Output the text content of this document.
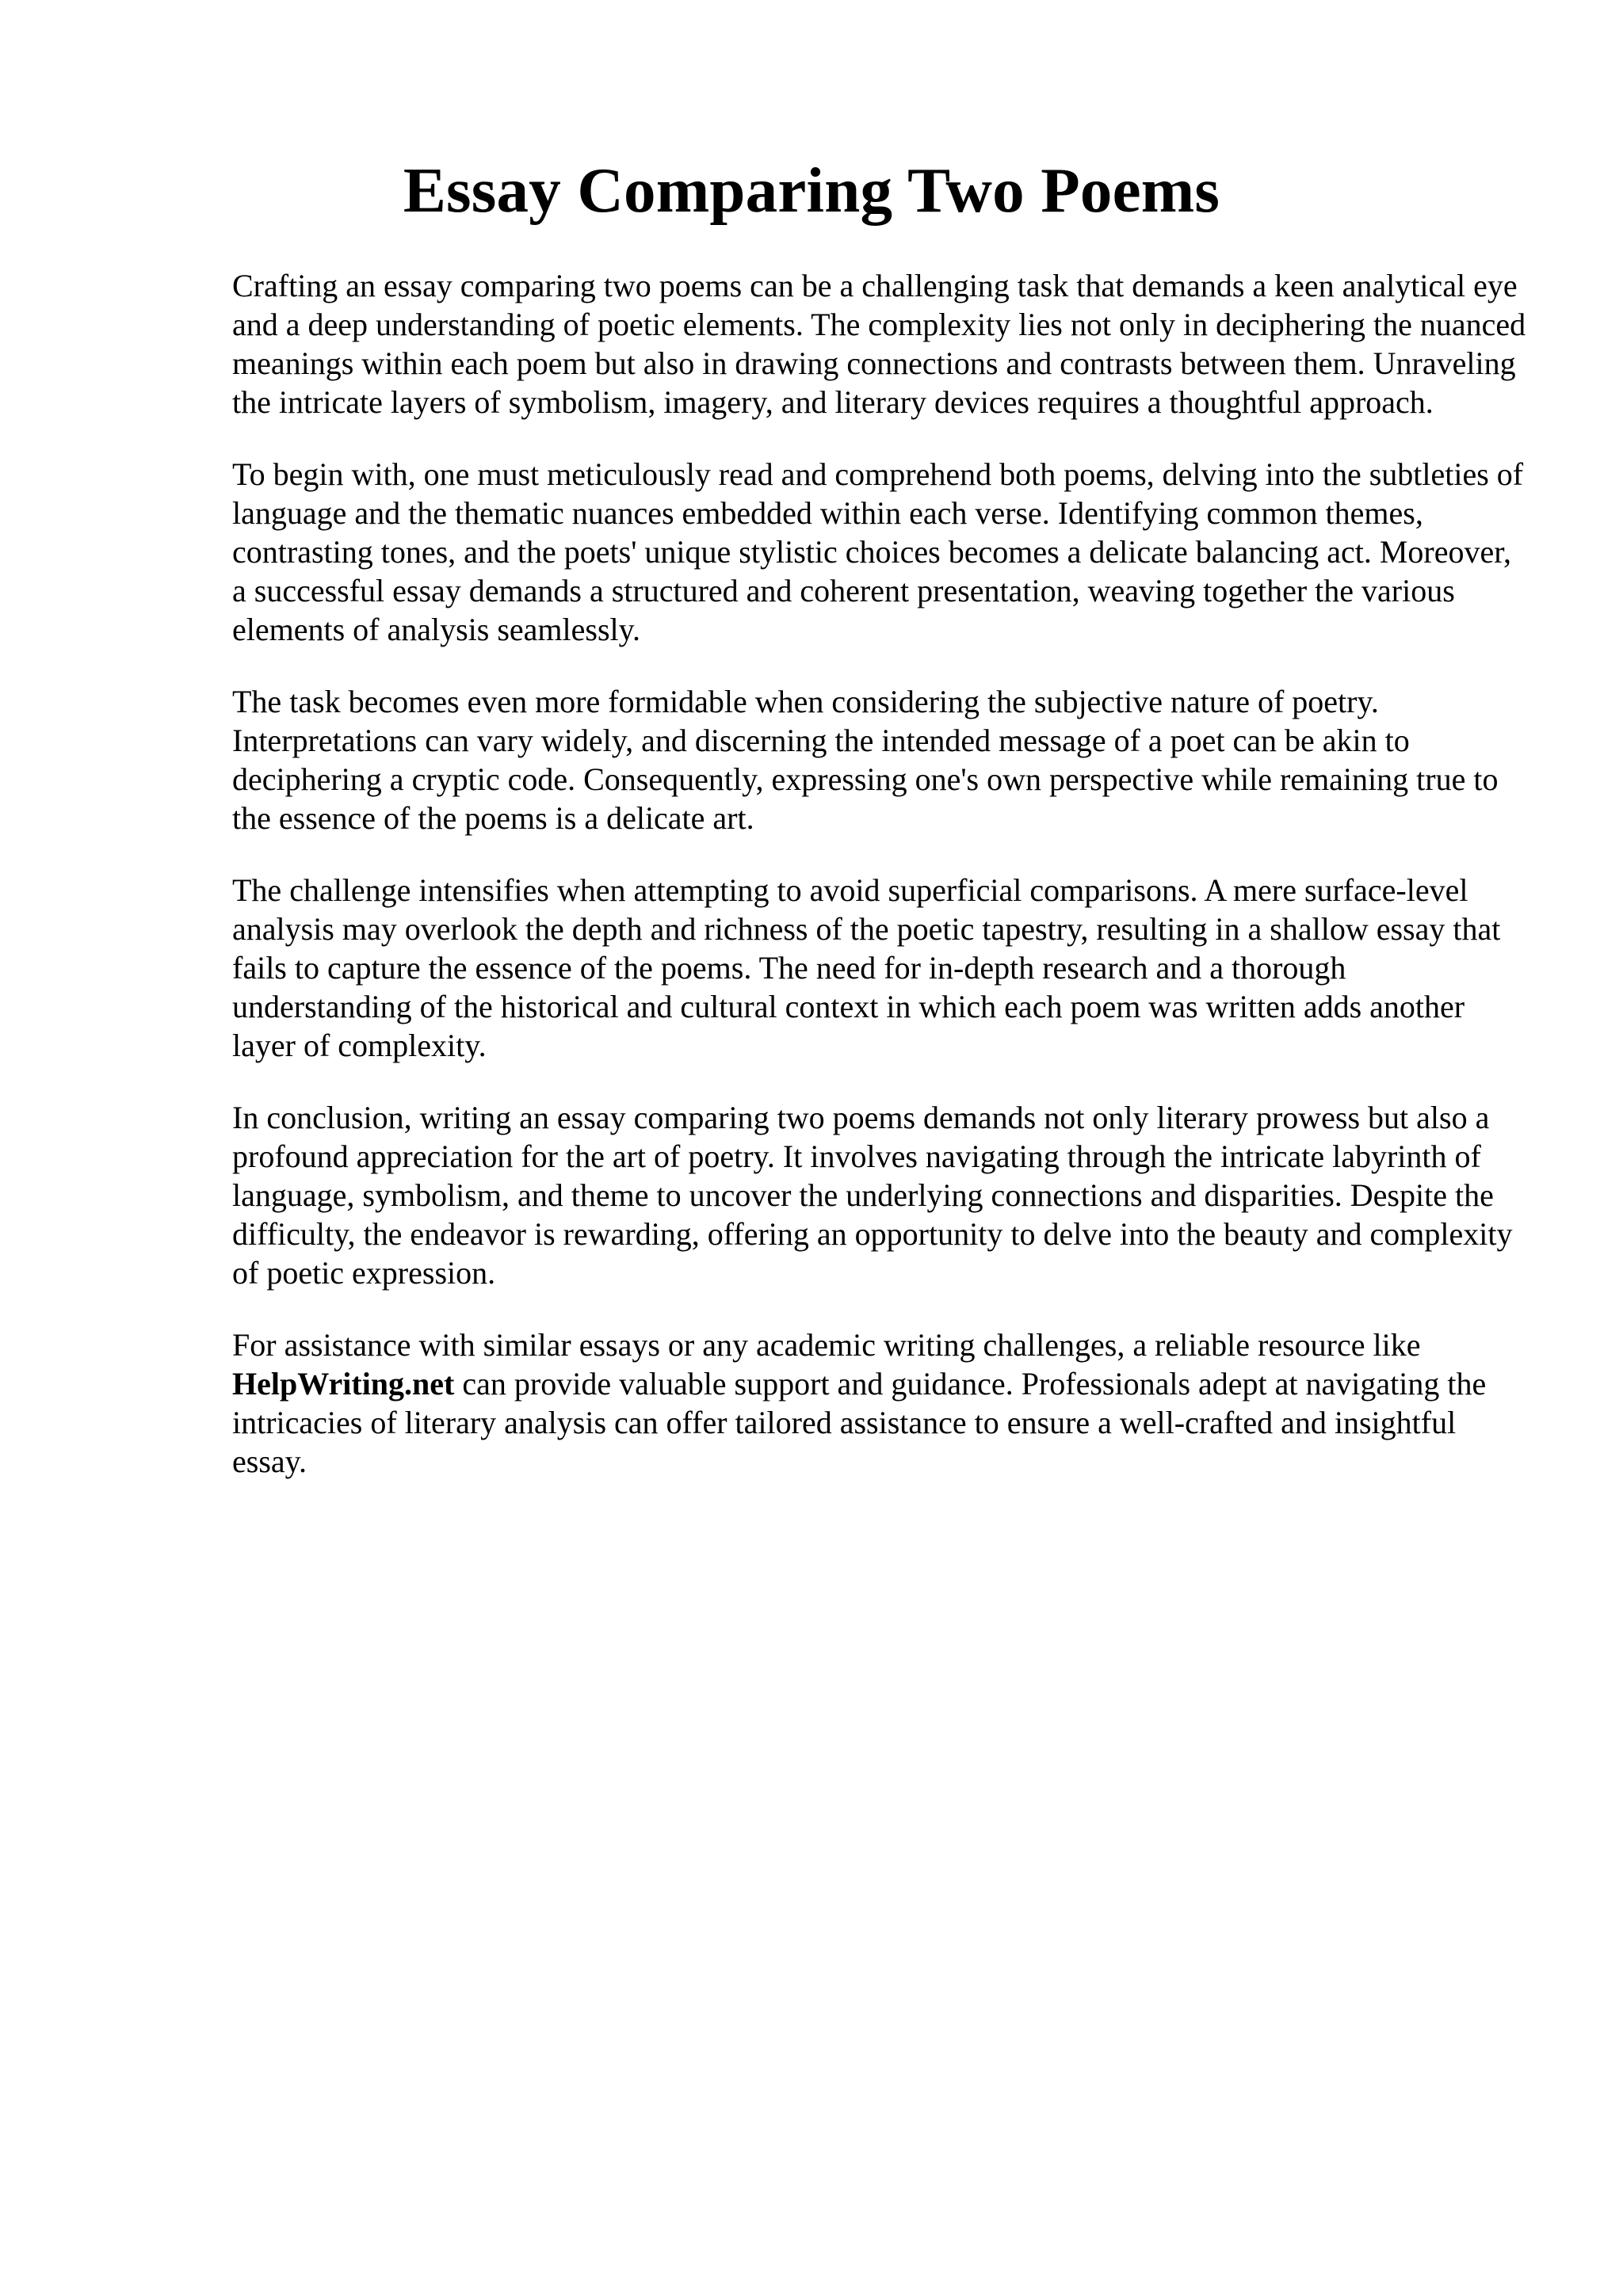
Essay Comparing Two Poems

Crafting an essay comparing two poems can be a challenging task that demands a keen analytical eye and a deep understanding of poetic elements. The complexity lies not only in deciphering the nuanced meanings within each poem but also in drawing connections and contrasts between them. Unraveling the intricate layers of symbolism, imagery, and literary devices requires a thoughtful approach.

To begin with, one must meticulously read and comprehend both poems, delving into the subtleties of language and the thematic nuances embedded within each verse. Identifying common themes, contrasting tones, and the poets' unique stylistic choices becomes a delicate balancing act. Moreover, a successful essay demands a structured and coherent presentation, weaving together the various elements of analysis seamlessly.

The task becomes even more formidable when considering the subjective nature of poetry. Interpretations can vary widely, and discerning the intended message of a poet can be akin to deciphering a cryptic code. Consequently, expressing one's own perspective while remaining true to the essence of the poems is a delicate art.

The challenge intensifies when attempting to avoid superficial comparisons. A mere surface-level analysis may overlook the depth and richness of the poetic tapestry, resulting in a shallow essay that fails to capture the essence of the poems. The need for in-depth research and a thorough understanding of the historical and cultural context in which each poem was written adds another layer of complexity.

In conclusion, writing an essay comparing two poems demands not only literary prowess but also a profound appreciation for the art of poetry. It involves navigating through the intricate labyrinth of language, symbolism, and theme to uncover the underlying connections and disparities. Despite the difficulty, the endeavor is rewarding, offering an opportunity to delve into the beauty and complexity of poetic expression.

For assistance with similar essays or any academic writing challenges, a reliable resource like HelpWriting.net can provide valuable support and guidance. Professionals adept at navigating the intricacies of literary analysis can offer tailored assistance to ensure a well-crafted and insightful essay.
